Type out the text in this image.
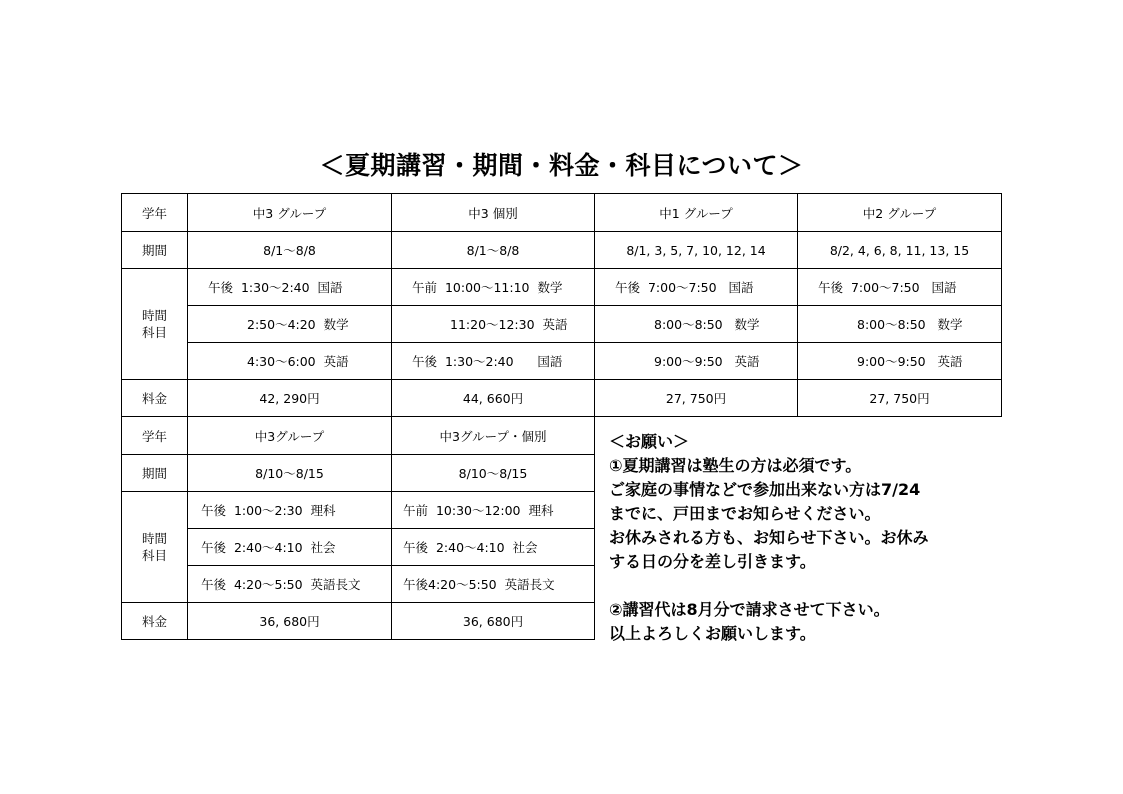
＜夏期講習・期間・料金・科目について＞
学年	中3 グループ	中3 個別	中1 グループ	中2 グループ
期間	8/1～8/8	8/1～8/8	8/1, 3, 5, 7, 10, 12, 14	8/2, 4, 6, 8, 11, 13, 15
時間
科目	午後  1:30～2:40  国語	午前  10:00～11:10  数学	午後  7:00～7:50   国語	午後  7:00～7:50   国語
	2:50～4:20  数学	11:20～12:30  英語	8:00～8:50   数学	8:00～8:50   数学
	4:30～6:00  英語	午後  1:30～2:40      国語	9:00～9:50   英語	9:00～9:50   英語
料金	42, 290円	44, 660円	27, 750円	27, 750円
学年	中3グループ	中3グループ・個別
期間	8/10～8/15	8/10～8/15
時間
科目	午後  1:00～2:30  理科	午前  10:30～12:00  理科
	午後  2:40～4:10  社会	午後  2:40～4:10  社会
	午後  4:20～5:50  英語長文	午後4:20～5:50  英語長文
料金	36, 680円	36, 680円
＜お願い＞
①夏期講習は塾生の方は必須です。
ご家庭の事情などで参加出来ない方は7/24
までに、戸田までお知らせください。
お休みされる方も、お知らせ下さい。お休み
する日の分を差し引きます。
②講習代は8月分で請求させて下さい。
以上よろしくお願いします。
